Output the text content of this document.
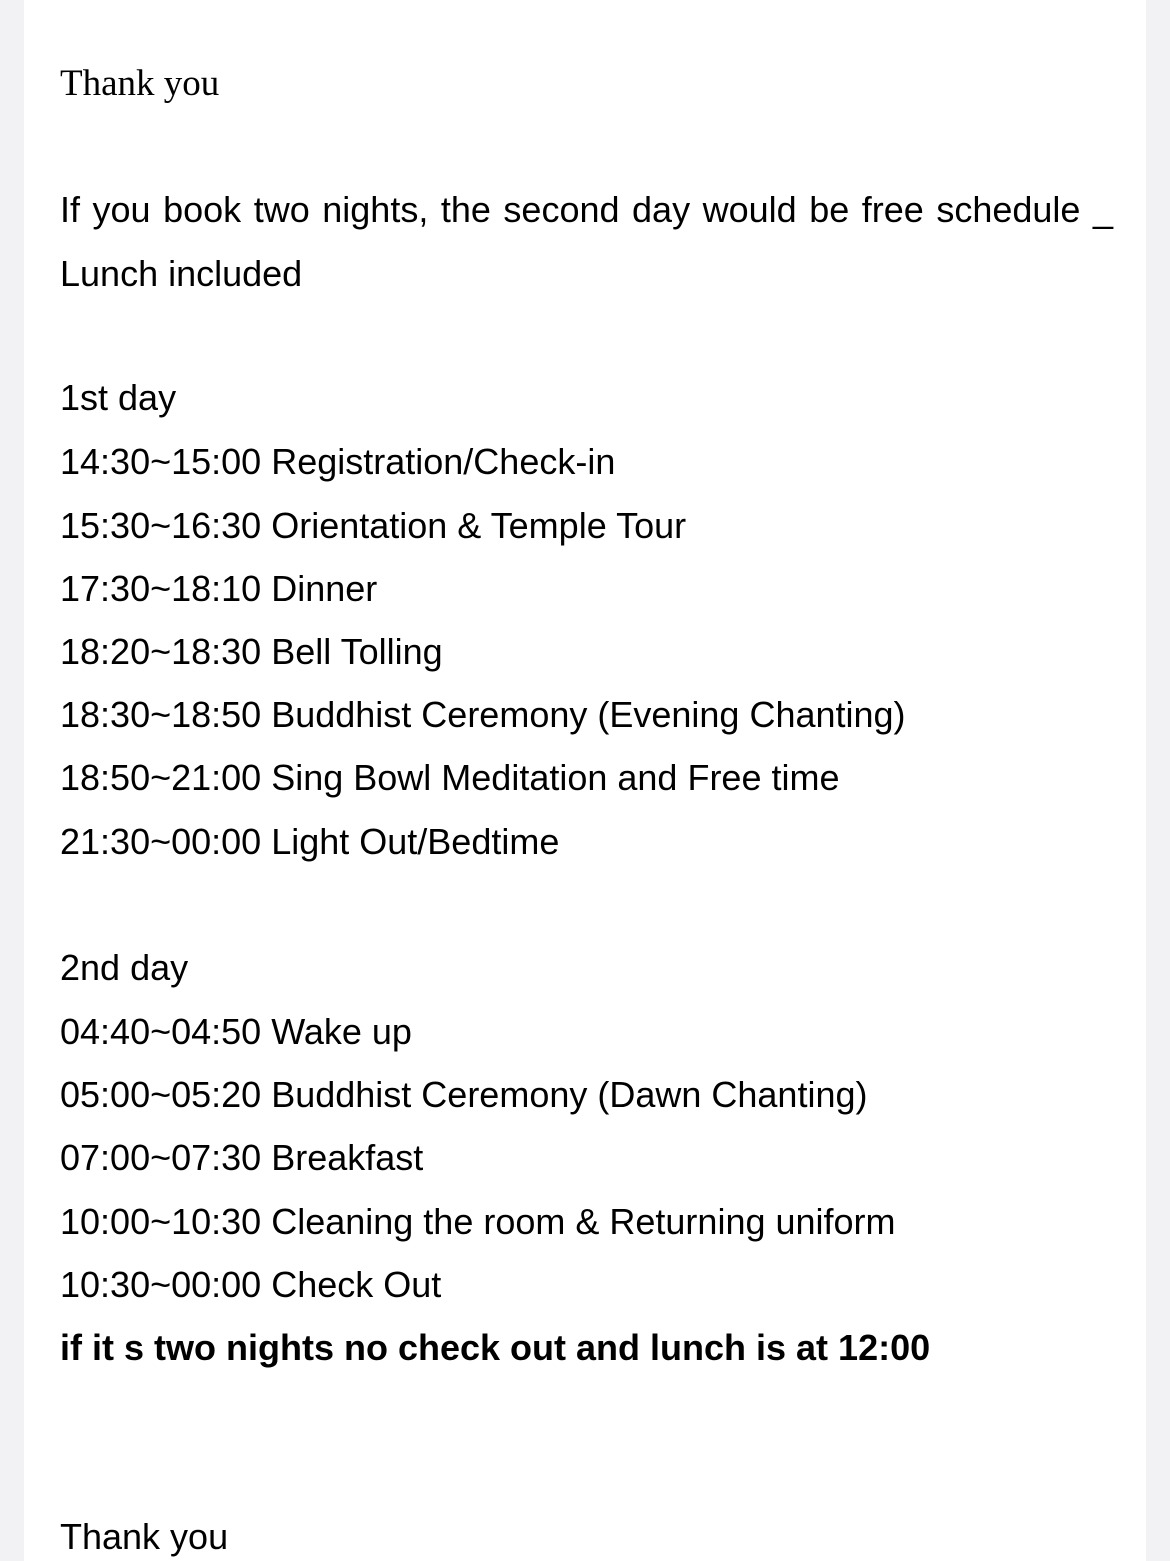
Thank you
If you book two nights, the second day would be free schedule _ Lunch included
1st day
14:30~15:00 Registration/Check-in
15:30~16:30 Orientation & Temple Tour
17:30~18:10 Dinner
18:20~18:30 Bell Tolling
18:30~18:50 Buddhist Ceremony (Evening Chanting)
18:50~21:00 Sing Bowl Meditation and Free time
21:30~00:00 Light Out/Bedtime
2nd day
04:40~04:50 Wake up
05:00~05:20 Buddhist Ceremony (Dawn Chanting)
07:00~07:30 Breakfast
10:00~10:30 Cleaning the room & Returning uniform
10:30~00:00 Check Out
if it s two nights no check out and lunch is at 12:00
Thank you
